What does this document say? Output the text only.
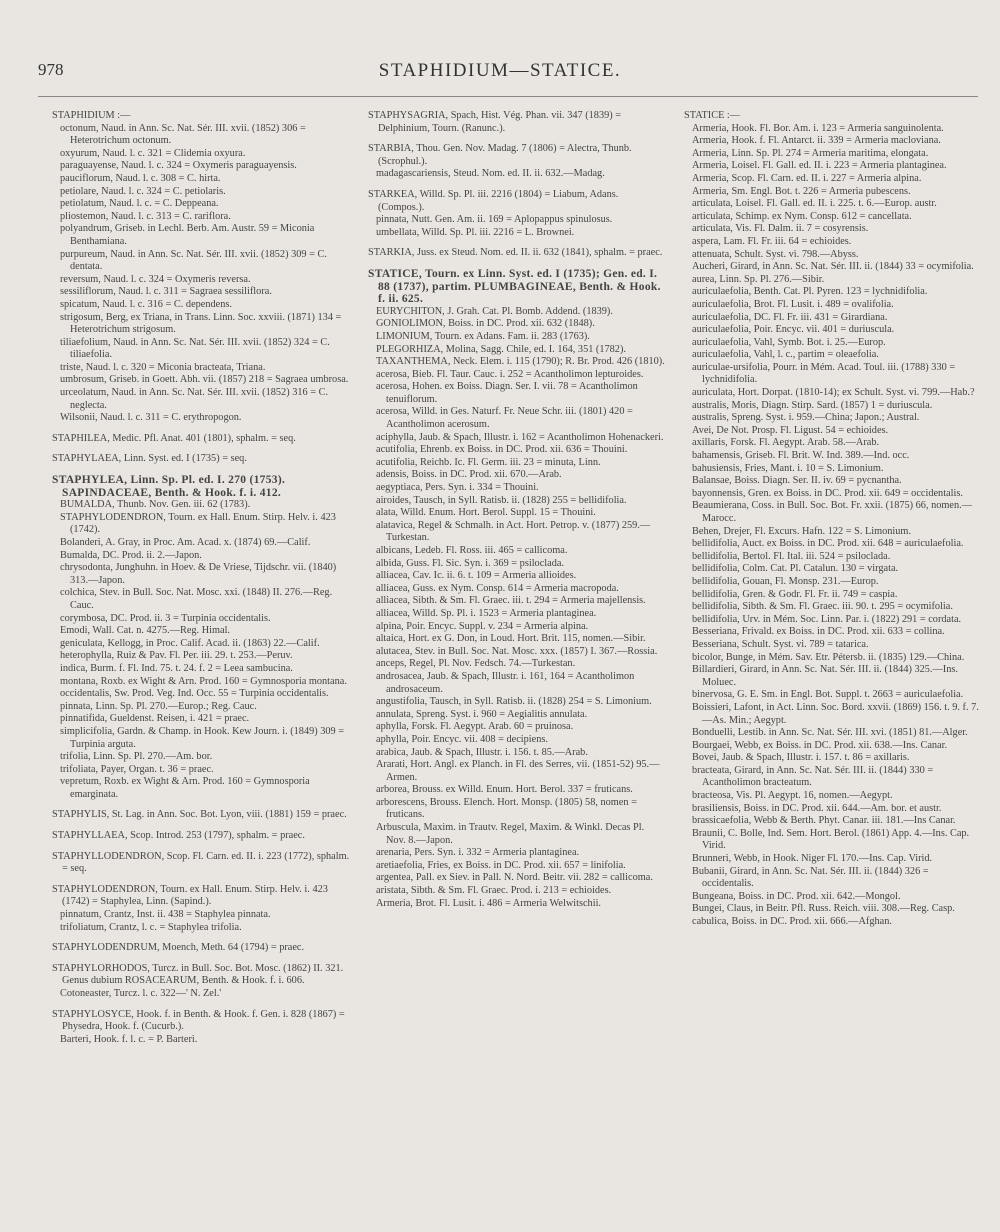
978	STAPHIDIUM—STATICE.

STAPHIDIUM :—

octonum, Naud. in Ann. Sc. Nat. Sér. III. xvii. (1852) 306 = Heterotrichum octonum.

oxyurum, Naud. l. c. 321 = Clidemia oxyura.

paraguayense, Naud. l. c. 324 = Oxymeris paraguayensis.

pauciflorum, Naud. l. c. 308 = C. hirta.

petiolare, Naud. l. c. 324 = C. petiolaris.

petiolatum, Naud. l. c. = C. Deppeana.

pliostemon, Naud. l. c. 313 = C. rariflora.

polyandrum, Griseb. in Lechl. Berb. Am. Austr. 59 = Miconia Benthamiana.

purpureum, Naud. in Ann. Sc. Nat. Sér. III. xvii. (1852) 309 = C. dentata.

reversum, Naud. l. c. 324 = Oxymeris reversa.

sessiliflorum, Naud. l. c. 311 = Sagraea sessiliflora.

spicatum, Naud. l. c. 316 = C. dependens.

strigosum, Berg, ex Triana, in Trans. Linn. Soc. xxviii. (1871) 134 = Heterotrichum strigosum.

tiliaefolium, Naud. in Ann. Sc. Nat. Sér. III. xvii. (1852) 324 = C. tiliaefolia.

triste, Naud. l. c. 320 = Miconia bracteata, Triana.

umbrosum, Griseb. in Goett. Abh. vii. (1857) 218 = Sagraea umbrosa.

urceolatum, Naud. in Ann. Sc. Nat. Sér. III. xvii. (1852) 316 = C. neglecta.

Wilsonii, Naud. l. c. 311 = C. erythropogon.

STAPHILEA, Medic. Pfl. Anat. 401 (1801), sphalm. = seq.

STAPHYLAEA, Linn. Syst. ed. I (1735) = seq.

STAPHYLEA, Linn. Sp. Pl. ed. I. 270 (1753). SAPINDACEAE, Benth. & Hook. f. i. 412.

BUMALDA, Thunb. Nov. Gen. iii. 62 (1783).

STAPHYLODENDRON, Tourn. ex Hall. Enum. Stirp. Helv. i. 423 (1742).

Bolanderi, A. Gray, in Proc. Am. Acad. x. (1874) 69.—Calif.

Bumalda, DC. Prod. ii. 2.—Japon.

chrysodonta, Junghuhn. in Hoev. & De Vriese, Tijdschr. vii. (1840) 313.—Japon.

colchica, Stev. in Bull. Soc. Nat. Mosc. xxi. (1848) II. 276.—Reg. Cauc.

corymbosa, DC. Prod. ii. 3 = Turpinia occidentalis.

Emodi, Wall. Cat. n. 4275.—Reg. Himal.

geniculata, Kellogg, in Proc. Calif. Acad. ii. (1863) 22.—Calif.

heterophylla, Ruiz & Pav. Fl. Per. iii. 29. t. 253.—Peruv.

indica, Burm. f. Fl. Ind. 75. t. 24. f. 2 = Leea sambucina.

montana, Roxb. ex Wight & Arn. Prod. 160 = Gymnosporia montana.

occidentalis, Sw. Prod. Veg. Ind. Occ. 55 = Turpinia occidentalis.

pinnata, Linn. Sp. Pl. 270.—Europ.; Reg. Cauc.

pinnatifida, Gueldenst. Reisen, i. 421 = praec.

simplicifolia, Gardn. & Champ. in Hook. Kew Journ. i. (1849) 309 = Turpinia arguta.

trifolia, Linn. Sp. Pl. 270.—Am. bor.

trifoliata, Payer, Organ. t. 36 = praec.

vepretum, Roxb. ex Wight & Arn. Prod. 160 = Gymnosporia emarginata.

STAPHYLIS, St. Lag. in Ann. Soc. Bot. Lyon, viii. (1881) 159 = praec.

STAPHYLLAEA, Scop. Introd. 253 (1797), sphalm. = praec.

STAPHYLLODENDRON, Scop. Fl. Carn. ed. II. i. 223 (1772), sphalm. = seq.

STAPHYLODENDRON, Tourn. ex Hall. Enum. Stirp. Helv. i. 423 (1742) = Staphylea, Linn. (Sapind.).

pinnatum, Crantz, Inst. ii. 438 = Staphylea pinnata.

trifoliatum, Crantz, l. c. = Staphylea trifolia.

STAPHYLODENDRUM, Moench, Meth. 64 (1794) = praec.

STAPHYLORHODOS, Turcz. in Bull. Soc. Bot. Mosc. (1862) II. 321. Genus dubium ROSACEARUM, Benth. & Hook. f. i. 606.

Cotoneaster, Turcz. l. c. 322—' N. Zel.'

STAPHYLOSYCE, Hook. f. in Benth. & Hook. f. Gen. i. 828 (1867) = Physedra, Hook. f. (Cucurb.).

Barteri, Hook. f. l. c. = P. Barteri.

STAPHYSAGRIA, Spach, Hist. Vég. Phan. vii. 347 (1839) = Delphinium, Tourn. (Ranunc.).

STARBIA, Thou. Gen. Nov. Madag. 7 (1806) = Alectra, Thunb. (Scrophul.).

madagascariensis, Steud. Nom. ed. II. ii. 632.—Madag.

STARKEA, Willd. Sp. Pl. iii. 2216 (1804) = Liabum, Adans. (Compos.).

pinnata, Nutt. Gen. Am. ii. 169 = Aplopappus spinulosus.

umbellata, Willd. Sp. Pl. iii. 2216 = L. Brownei.

STARKIA, Juss. ex Steud. Nom. ed. II. ii. 632 (1841), sphalm. = praec.

STATICE, Tourn. ex Linn. Syst. ed. I (1735); Gen. ed. I. 88 (1737), partim. PLUMBAGINEAE, Benth. & Hook. f. ii. 625.

EURYCHITON, J. Grah. Cat. Pl. Bomb. Addend. (1839).

GONIOLIMON, Boiss. in DC. Prod. xii. 632 (1848).

LIMONIUM, Tourn. ex Adans. Fam. ii. 283 (1763).

PLEGORHIZA, Molina, Sagg. Chile, ed. I. 164, 351 (1782).

TAXANTHEMA, Neck. Elem. i. 115 (1790); R. Br. Prod. 426 (1810).

acerosa, Bieb. Fl. Taur. Cauc. i. 252 = Acantholimon lepturoides.

acerosa, Hohen. ex Boiss. Diagn. Ser. I. vii. 78 = Acantholimon tenuiflorum.

acerosa, Willd. in Ges. Naturf. Fr. Neue Schr. iii. (1801) 420 = Acantholimon acerosum.

aciphylla, Jaub. & Spach, Illustr. i. 162 = Acantholimon Hohenackeri.

acutifolia, Ehrenb. ex Boiss. in DC. Prod. xii. 636 = Thouini.

acutifolia, Reichb. Ic. Fl. Germ. iii. 23 = minuta, Linn.

adensis, Boiss. in DC. Prod. xii. 670.—Arab.

aegyptiaca, Pers. Syn. i. 334 = Thouini.

airoides, Tausch, in Syll. Ratisb. ii. (1828) 255 = bellidifolia.

alata, Willd. Enum. Hort. Berol. Suppl. 15 = Thouini.

alatavica, Regel & Schmalh. in Act. Hort. Petrop. v. (1877) 259.—Turkestan.

albicans, Ledeb. Fl. Ross. iii. 465 = callicoma.

albida, Guss. Fl. Sic. Syn. i. 369 = psiloclada.

alliacea, Cav. Ic. ii. 6. t. 109 = Armeria allioides.

alliacea, Guss. ex Nym. Consp. 614 = Armeria macropoda.

alliacea, Sibth. & Sm. Fl. Graec. iii. t. 294 = Armeria majellensis.

alliacea, Willd. Sp. Pl. i. 1523 = Armeria plantaginea.

alpina, Poir. Encyc. Suppl. v. 234 = Armeria alpina.

altaica, Hort. ex G. Don, in Loud. Hort. Brit. 115, nomen.—Sibir.

alutacea, Stev. in Bull. Soc. Nat. Mosc. xxx. (1857) I. 367.—Rossia.

anceps, Regel, Pl. Nov. Fedsch. 74.—Turkestan.

androsacea, Jaub. & Spach, Illustr. i. 161, 164 = Acantholimon androsaceum.

angustifolia, Tausch, in Syll. Ratisb. ii. (1828) 254 = S. Limonium.

annulata, Spreng. Syst. i. 960 = Aegialitis annulata.

aphylla, Forsk. Fl. Aegypt. Arab. 60 = pruinosa.

aphylla, Poir. Encyc. vii. 408 = decipiens.

arabica, Jaub. & Spach, Illustr. i. 156. t. 85.—Arab.

Ararati, Hort. Angl. ex Planch. in Fl. des Serres, vii. (1851-52) 95.—Armen.

arborea, Brouss. ex Willd. Enum. Hort. Berol. 337 = fruticans.

arborescens, Brouss. Elench. Hort. Monsp. (1805) 58, nomen = fruticans.

Arbuscula, Maxim. in Trautv. Regel, Maxim. & Winkl. Decas Pl. Nov. 8.—Japon.

arenaria, Pers. Syn. i. 332 = Armeria plantaginea.

aretiaefolia, Fries, ex Boiss. in DC. Prod. xii. 657 = linifolia.

argentea, Pall. ex Siev. in Pall. N. Nord. Beitr. vii. 282 = callicoma.

aristata, Sibth. & Sm. Fl. Graec. Prod. i. 213 = echioides.

Armeria, Brot. Fl. Lusit. i. 486 = Armeria Welwitschii.

STATICE :—

Armeria, Hook. Fl. Bor. Am. i. 123 = Armeria sanguinolenta.

Armeria, Hook. f. Fl. Antarct. ii. 339 = Armeria macloviana.

Armeria, Linn. Sp. Pl. 274 = Armeria maritima, elongata.

Armeria, Loisel. Fl. Gall. ed. II. i. 223 = Armeria plantaginea.

Armeria, Scop. Fl. Carn. ed. II. i. 227 = Armeria alpina.

Armeria, Sm. Engl. Bot. t. 226 = Armeria pubescens.

articulata, Loisel. Fl. Gall. ed. II. i. 225. t. 6.—Europ. austr.

articulata, Schimp. ex Nym. Consp. 612 = cancellata.

articulata, Vis. Fl. Dalm. ii. 7 = cosyrensis.

aspera, Lam. Fl. Fr. iii. 64 = echioides.

attenuata, Schult. Syst. vi. 798.—Abyss.

Aucheri, Girard, in Ann. Sc. Nat. Sér. III. ii. (1844) 33 = ocymifolia.

aurea, Linn. Sp. Pl. 276.—Sibir.

auriculaefolia, Benth. Cat. Pl. Pyren. 123 = lychnidifolia.

auriculaefolia, Brot. Fl. Lusit. i. 489 = ovalifolia.

auriculaefolia, DC. Fl. Fr. iii. 431 = Girardiana.

auriculaefolia, Poir. Encyc. vii. 401 = duriuscula.

auriculaefolia, Vahl, Symb. Bot. i. 25.—Europ.

auriculaefolia, Vahl, l. c., partim = oleaefolia.

auriculae-ursifolia, Pourr. in Mém. Acad. Toul. iii. (1788) 330 = lychnidifolia.

auriculata, Hort. Dorpat. (1810-14); ex Schult. Syst. vi. 799.—Hab.?

australis, Moris, Diagn. Stirp. Sard. (1857) 1 = duriuscula.

australis, Spreng. Syst. i. 959.—China; Japon.; Austral.

Avei, De Not. Prosp. Fl. Ligust. 54 = echioides.

axillaris, Forsk. Fl. Aegypt. Arab. 58.—Arab.

bahamensis, Griseb. Fl. Brit. W. Ind. 389.—Ind. occ.

bahusiensis, Fries, Mant. i. 10 = S. Limonium.

Balansae, Boiss. Diagn. Ser. II. iv. 69 = pycnantha.

bayonnensis, Gren. ex Boiss. in DC. Prod. xii. 649 = occidentalis.

Beaumierana, Coss. in Bull. Soc. Bot. Fr. xxii. (1875) 66, nomen.—Marocc.

Behen, Drejer, Fl. Excurs. Hafn. 122 = S. Limonium.

bellidifolia, Auct. ex Boiss. in DC. Prod. xii. 648 = auriculaefolia.

bellidifolia, Bertol. Fl. Ital. iii. 524 = psiloclada.

bellidifolia, Colm. Cat. Pl. Catalun. 130 = virgata.

bellidifolia, Gouan, Fl. Monsp. 231.—Europ.

bellidifolia, Gren. & Godr. Fl. Fr. ii. 749 = caspia.

bellidifolia, Sibth. & Sm. Fl. Graec. iii. 90. t. 295 = ocymifolia.

bellidifolia, Urv. in Mém. Soc. Linn. Par. i. (1822) 291 = cordata.

Besseriana, Frivald. ex Boiss. in DC. Prod. xii. 633 = collina.

Besseriana, Schult. Syst. vi. 789 = tatarica.

bicolor, Bunge, in Mém. Sav. Etr. Pétersb. ii. (1835) 129.—China.

Billardieri, Girard, in Ann. Sc. Nat. Sér. III. ii. (1844) 325.—Ins. Moluec.

binervosa, G. E. Sm. in Engl. Bot. Suppl. t. 2663 = auriculaefolia.

Boissieri, Lafont, in Act. Linn. Soc. Bord. xxvii. (1869) 156. t. 9. f. 7.—As. Min.; Aegypt.

Bonduelli, Lestib. in Ann. Sc. Nat. Sér. III. xvi. (1851) 81.—Alger.

Bourgaei, Webb, ex Boiss. in DC. Prod. xii. 638.—Ins. Canar.

Bovei, Jaub. & Spach, Illustr. i. 157. t. 86 = axillaris.

bracteata, Girard, in Ann. Sc. Nat. Sér. III. ii. (1844) 330 = Acantholimon bracteatum.

bracteosa, Vis. Pl. Aegypt. 16, nomen.—Aegypt.

brasiliensis, Boiss. in DC. Prod. xii. 644.—Am. bor. et austr.

brassicaefolia, Webb & Berth. Phyt. Canar. iii. 181.—Ins Canar.

Braunii, C. Bolle, Ind. Sem. Hort. Berol. (1861) App. 4.—Ins. Cap. Virid.

Brunneri, Webb, in Hook. Niger Fl. 170.—Ins. Cap. Virid.

Bubanii, Girard, in Ann. Sc. Nat. Sér. III. ii. (1844) 326 = occidentalis.

Bungeana, Boiss. in DC. Prod. xii. 642.—Mongol.

Bungei, Claus, in Beitr. Pfl. Russ. Reich. viii. 308.—Reg. Casp.

cabulica, Boiss. in DC. Prod. xii. 666.—Afghan.
